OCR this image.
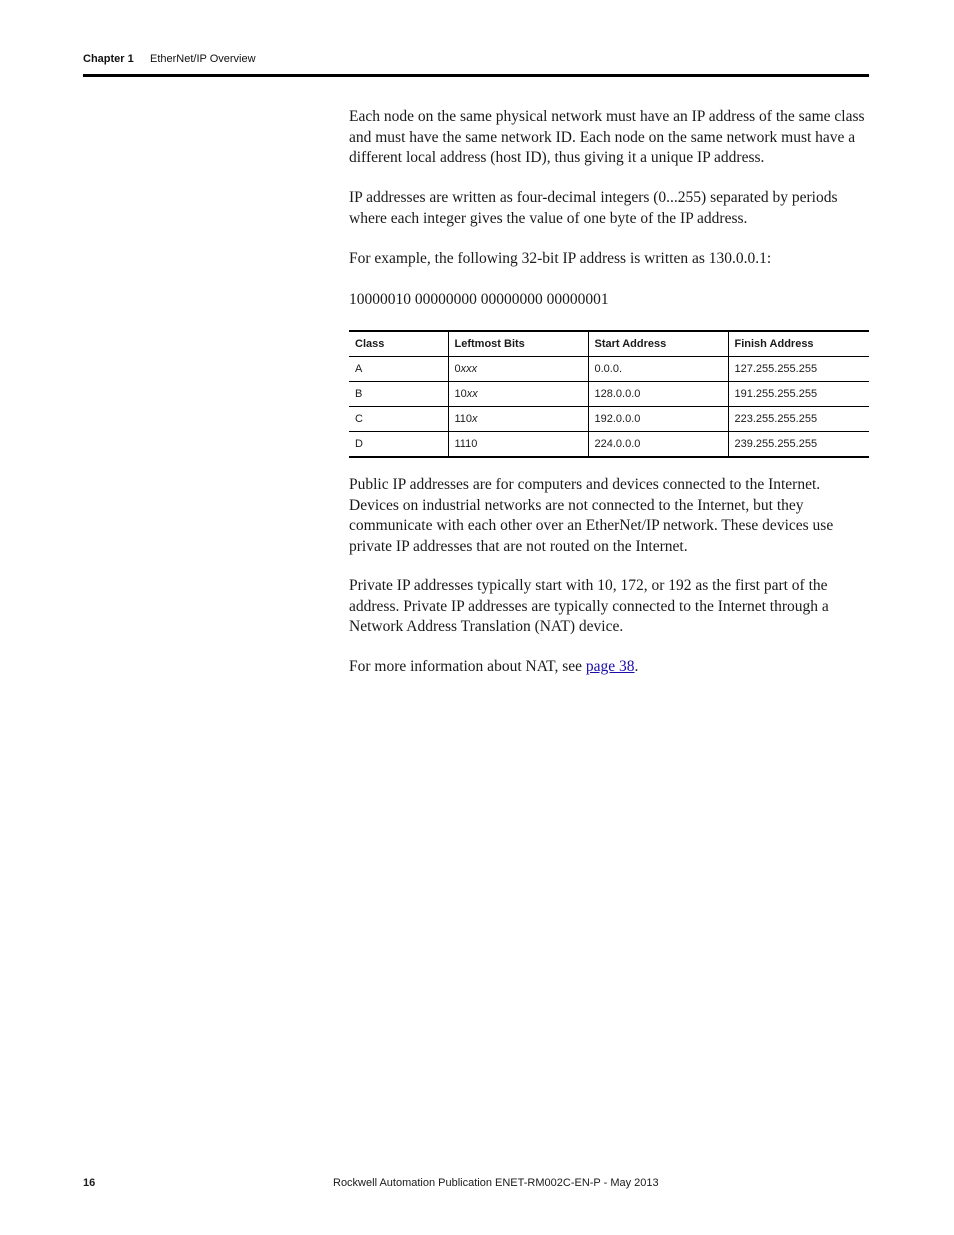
Chapter 1 EtherNet/IP Overview

Each node on the same physical network must have an IP address of the same class and must have the same network ID. Each node on the same network must have a different local address (host ID), thus giving it a unique IP address.

IP addresses are written as four-decimal integers (0...255) separated by periods where each integer gives the value of one byte of the IP address.

For example, the following 32-bit IP address is written as 130.0.0.1:

10000010 00000000 00000000 00000001

Class	Leftmost Bits	Start Address	Finish Address
A	0xxx	0.0.0.	127.255.255.255
B	10xx	128.0.0.0	191.255.255.255
C	110x	192.0.0.0	223.255.255.255
D	1110	224.0.0.0	239.255.255.255

Public IP addresses are for computers and devices connected to the Internet. Devices on industrial networks are not connected to the Internet, but they communicate with each other over an EtherNet/IP network. These devices use private IP addresses that are not routed on the Internet.

Private IP addresses typically start with 10, 172, or 192 as the first part of the address. Private IP addresses are typically connected to the Internet through a Network Address Translation (NAT) device.

For more information about NAT, see page 38.

16	Rockwell Automation Publication ENET-RM002C-EN-P - May 2013
